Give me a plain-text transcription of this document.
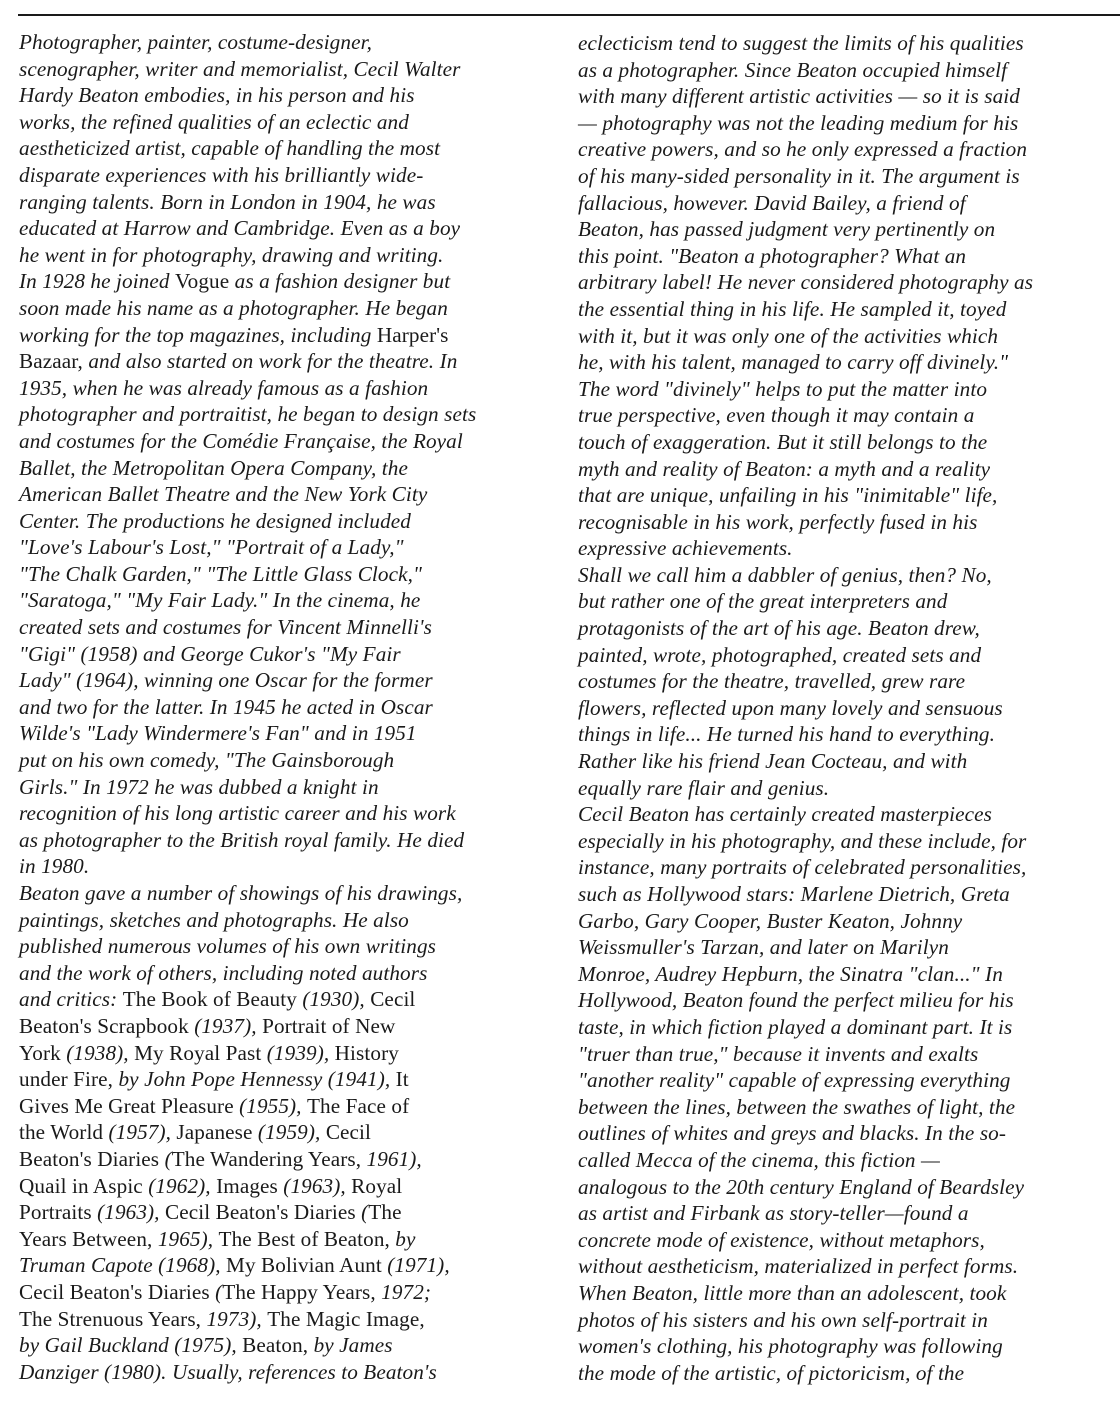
Photographer, painter, costume-designer,
scenographer, writer and memorialist, Cecil Walter
Hardy Beaton embodies, in his person and his
works, the refined qualities of an eclectic and
aestheticized artist, capable of handling the most
disparate experiences with his brilliantly wide-
ranging talents. Born in London in 1904, he was
educated at Harrow and Cambridge. Even as a boy
he went in for photography, drawing and writing.
In 1928 he joined Vogue as a fashion designer but
soon made his name as a photographer. He began
working for the top magazines, including Harper's
Bazaar, and also started on work for the theatre. In
1935, when he was already famous as a fashion
photographer and portraitist, he began to design sets
and costumes for the Comédie Française, the Royal
Ballet, the Metropolitan Opera Company, the
American Ballet Theatre and the New York City
Center. The productions he designed included
"Love's Labour's Lost," "Portrait of a Lady,"
"The Chalk Garden," "The Little Glass Clock,"
"Saratoga," "My Fair Lady." In the cinema, he
created sets and costumes for Vincent Minnelli's
"Gigi" (1958) and George Cukor's "My Fair
Lady" (1964), winning one Oscar for the former
and two for the latter. In 1945 he acted in Oscar
Wilde's "Lady Windermere's Fan" and in 1951
put on his own comedy, "The Gainsborough
Girls." In 1972 he was dubbed a knight in
recognition of his long artistic career and his work
as photographer to the British royal family. He died
in 1980.
Beaton gave a number of showings of his drawings,
paintings, sketches and photographs. He also
published numerous volumes of his own writings
and the work of others, including noted authors
and critics: The Book of Beauty (1930), Cecil
Beaton's Scrapbook (1937), Portrait of New
York (1938), My Royal Past (1939), History
under Fire, by John Pope Hennessy (1941), It
Gives Me Great Pleasure (1955), The Face of
the World (1957), Japanese (1959), Cecil
Beaton's Diaries (The Wandering Years, 1961),
Quail in Aspic (1962), Images (1963), Royal
Portraits (1963), Cecil Beaton's Diaries (The
Years Between, 1965), The Best of Beaton, by
Truman Capote (1968), My Bolivian Aunt (1971),
Cecil Beaton's Diaries (The Happy Years, 1972;
The Strenuous Years, 1973), The Magic Image,
by Gail Buckland (1975), Beaton, by James
Danziger (1980). Usually, references to Beaton's
eclecticism tend to suggest the limits of his qualities
as a photographer. Since Beaton occupied himself
with many different artistic activities — so it is said
— photography was not the leading medium for his
creative powers, and so he only expressed a fraction
of his many-sided personality in it. The argument is
fallacious, however. David Bailey, a friend of
Beaton, has passed judgment very pertinently on
this point. "Beaton a photographer? What an
arbitrary label! He never considered photography as
the essential thing in his life. He sampled it, toyed
with it, but it was only one of the activities which
he, with his talent, managed to carry off divinely."
The word "divinely" helps to put the matter into
true perspective, even though it may contain a
touch of exaggeration. But it still belongs to the
myth and reality of Beaton: a myth and a reality
that are unique, unfailing in his "inimitable" life,
recognisable in his work, perfectly fused in his
expressive achievements.
Shall we call him a dabbler of genius, then? No,
but rather one of the great interpreters and
protagonists of the art of his age. Beaton drew,
painted, wrote, photographed, created sets and
costumes for the theatre, travelled, grew rare
flowers, reflected upon many lovely and sensuous
things in life... He turned his hand to everything.
Rather like his friend Jean Cocteau, and with
equally rare flair and genius.
Cecil Beaton has certainly created masterpieces
especially in his photography, and these include, for
instance, many portraits of celebrated personalities,
such as Hollywood stars: Marlene Dietrich, Greta
Garbo, Gary Cooper, Buster Keaton, Johnny
Weissmuller's Tarzan, and later on Marilyn
Monroe, Audrey Hepburn, the Sinatra "clan..." In
Hollywood, Beaton found the perfect milieu for his
taste, in which fiction played a dominant part. It is
"truer than true," because it invents and exalts
"another reality" capable of expressing everything
between the lines, between the swathes of light, the
outlines of whites and greys and blacks. In the so-
called Mecca of the cinema, this fiction —
analogous to the 20th century England of Beardsley
as artist and Firbank as story-teller—found a
concrete mode of existence, without metaphors,
without aestheticism, materialized in perfect forms.
When Beaton, little more than an adolescent, took
photos of his sisters and his own self-portrait in
women's clothing, his photography was following
the mode of the artistic, of pictoricism, of the
